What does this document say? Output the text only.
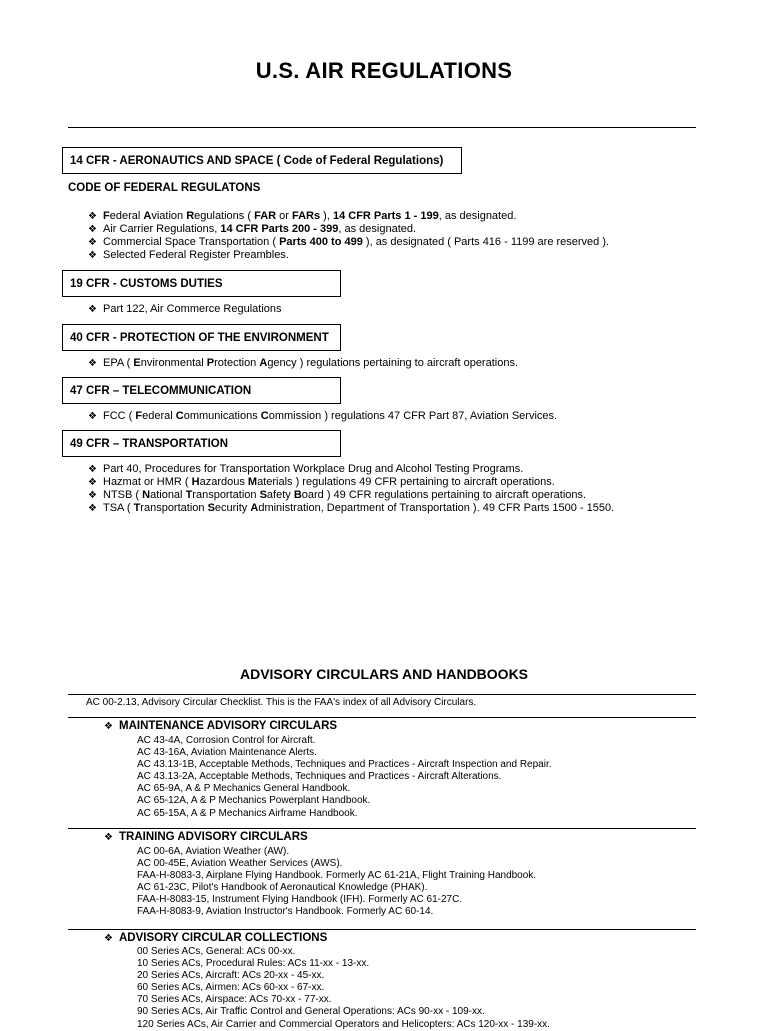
U.S. AIR REGULATIONS
14 CFR - AERONAUTICS AND SPACE ( Code of Federal Regulations)
CODE OF FEDERAL REGULATONS
❖ Federal Aviation Regulations ( FAR or FARs ), 14 CFR Parts 1 - 199, as designated.
❖ Air Carrier Regulations, 14 CFR Parts 200 - 399, as designated.
❖ Commercial Space Transportation ( Parts 400 to 499 ), as designated ( Parts 416 - 1199 are reserved ).
❖ Selected Federal Register Preambles.
19 CFR - CUSTOMS DUTIES
❖ Part 122, Air Commerce Regulations
40 CFR - PROTECTION OF THE ENVIRONMENT
❖ EPA ( Environmental Protection Agency ) regulations pertaining to aircraft operations.
47 CFR – TELECOMMUNICATION
❖ FCC ( Federal Communications Commission ) regulations 47 CFR Part 87, Aviation Services.
49 CFR – TRANSPORTATION
❖ Part 40, Procedures for Transportation Workplace Drug and Alcohol Testing Programs.
❖ Hazmat or HMR ( Hazardous Materials ) regulations 49 CFR pertaining to aircraft operations.
❖ NTSB ( National Transportation Safety Board ) 49 CFR regulations pertaining to aircraft operations.
❖ TSA ( Transportation Security Administration, Department of Transportation ). 49 CFR Parts 1500 - 1550.
ADVISORY CIRCULARS AND HANDBOOKS
AC 00-2.13, Advisory Circular Checklist. This is the FAA's index of all Advisory Circulars.
❖ MAINTENANCE ADVISORY CIRCULARS
AC 43-4A, Corrosion Control for Aircraft.
AC 43-16A, Aviation Maintenance Alerts.
AC 43.13-1B, Acceptable Methods, Techniques and Practices - Aircraft Inspection and Repair.
AC 43.13-2A, Acceptable Methods, Techniques and Practices - Aircraft Alterations.
AC 65-9A, A & P Mechanics General Handbook.
AC 65-12A, A & P Mechanics Powerplant Handbook.
AC 65-15A, A & P Mechanics Airframe Handbook.
❖ TRAINING ADVISORY CIRCULARS
AC 00-6A, Aviation Weather (AW).
AC 00-45E, Aviation Weather Services (AWS).
FAA-H-8083-3, Airplane Flying Handbook. Formerly AC 61-21A, Flight Training Handbook.
AC 61-23C, Pilot's Handbook of Aeronautical Knowledge (PHAK).
FAA-H-8083-15, Instrument Flying Handbook (IFH). Formerly AC 61-27C.
FAA-H-8083-9, Aviation Instructor's Handbook. Formerly AC 60-14.
❖ ADVISORY CIRCULAR COLLECTIONS
00 Series ACs, General: ACs 00-xx.
10 Series ACs, Procedural Rules: ACs 11-xx - 13-xx.
20 Series ACs, Aircraft: ACs 20-xx - 45-xx.
60 Series ACs, Airmen: ACs 60-xx - 67-xx.
70 Series ACs, Airspace: ACs 70-xx - 77-xx.
90 Series ACs, Air Traffic Control and General Operations: ACs 90-xx - 109-xx.
120 Series ACs, Air Carrier and Commercial Operators and Helicopters: ACs 120-xx - 139-xx.
